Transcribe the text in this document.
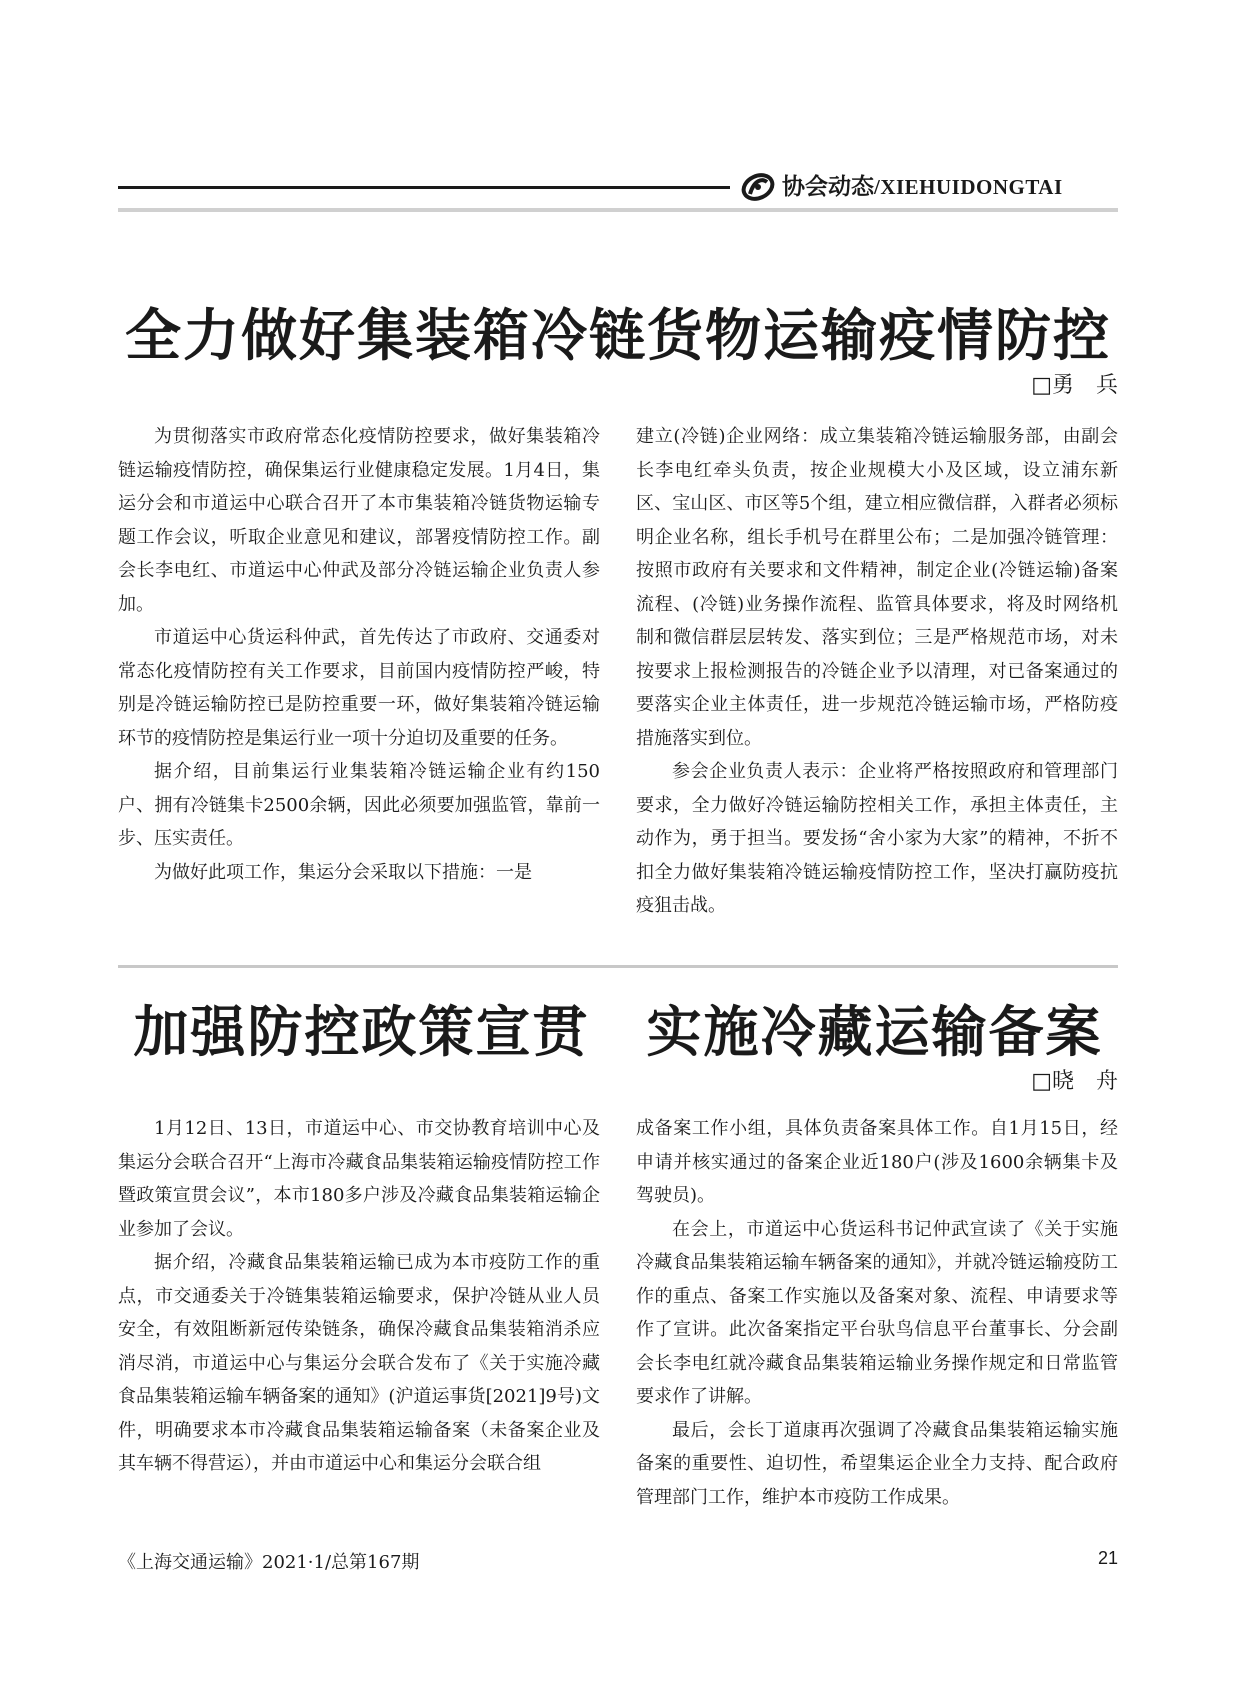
协会动态/XIEHUIDONGTAI
全力做好集装箱冷链货物运输疫情防控
□勇　兵

为贯彻落实市政府常态化疫情防控要求，做好集装箱冷链运输疫情防控，确保集运行业健康稳定发展。1月4日，集运分会和市道运中心联合召开了本市集装箱冷链货物运输专题工作会议，听取企业意见和建议，部署疫情防控工作。副会长李电红、市道运中心仲武及部分冷链运输企业负责人参加。

市道运中心货运科仲武，首先传达了市政府、交通委对常态化疫情防控有关工作要求，目前国内疫情防控严峻，特别是冷链运输防控已是防控重要一环，做好集装箱冷链运输环节的疫情防控是集运行业一项十分迫切及重要的任务。

据介绍，目前集运行业集装箱冷链运输企业有约150户、拥有冷链集卡2500余辆，因此必须要加强监管，靠前一步、压实责任。

为做好此项工作，集运分会采取以下措施：一是

建立(冷链)企业网络：成立集装箱冷链运输服务部，由副会长李电红牵头负责，按企业规模大小及区域，设立浦东新区、宝山区、市区等5个组，建立相应微信群，入群者必须标明企业名称，组长手机号在群里公布；二是加强冷链管理：按照市政府有关要求和文件精神，制定企业(冷链运输)备案流程、(冷链)业务操作流程、监管具体要求，将及时网络机制和微信群层层转发、落实到位；三是严格规范市场，对未按要求上报检测报告的冷链企业予以清理，对已备案通过的要落实企业主体责任，进一步规范冷链运输市场，严格防疫措施落实到位。

参会企业负责人表示：企业将严格按照政府和管理部门要求，全力做好冷链运输防控相关工作，承担主体责任，主动作为，勇于担当。要发扬“舍小家为大家”的精神，不折不扣全力做好集装箱冷链运输疫情防控工作，坚决打赢防疫抗疫狙击战。

加强防控政策宣贯　实施冷藏运输备案
□晓　舟

1月12日、13日，市道运中心、市交协教育培训中心及集运分会联合召开“上海市冷藏食品集装箱运输疫情防控工作暨政策宣贯会议”，本市180多户涉及冷藏食品集装箱运输企业参加了会议。

据介绍，冷藏食品集装箱运输已成为本市疫防工作的重点，市交通委关于冷链集装箱运输要求，保护冷链从业人员安全，有效阻断新冠传染链条，确保冷藏食品集装箱消杀应消尽消，市道运中心与集运分会联合发布了《关于实施冷藏食品集装箱运输车辆备案的通知》(沪道运事货[2021]9号)文件，明确要求本市冷藏食品集装箱运输备案（未备案企业及其车辆不得营运），并由市道运中心和集运分会联合组

成备案工作小组，具体负责备案具体工作。自1月15日，经申请并核实通过的备案企业近180户(涉及1600余辆集卡及驾驶员)。

在会上，市道运中心货运科书记仲武宣读了《关于实施冷藏食品集装箱运输车辆备案的通知》，并就冷链运输疫防工作的重点、备案工作实施以及备案对象、流程、申请要求等作了宣讲。此次备案指定平台驮鸟信息平台董事长、分会副会长李电红就冷藏食品集装箱运输业务操作规定和日常监管要求作了讲解。

最后，会长丁道康再次强调了冷藏食品集装箱运输实施备案的重要性、迫切性，希望集运企业全力支持、配合政府管理部门工作，维护本市疫防工作成果。

《上海交通运输》2021·1/总第167期	21
